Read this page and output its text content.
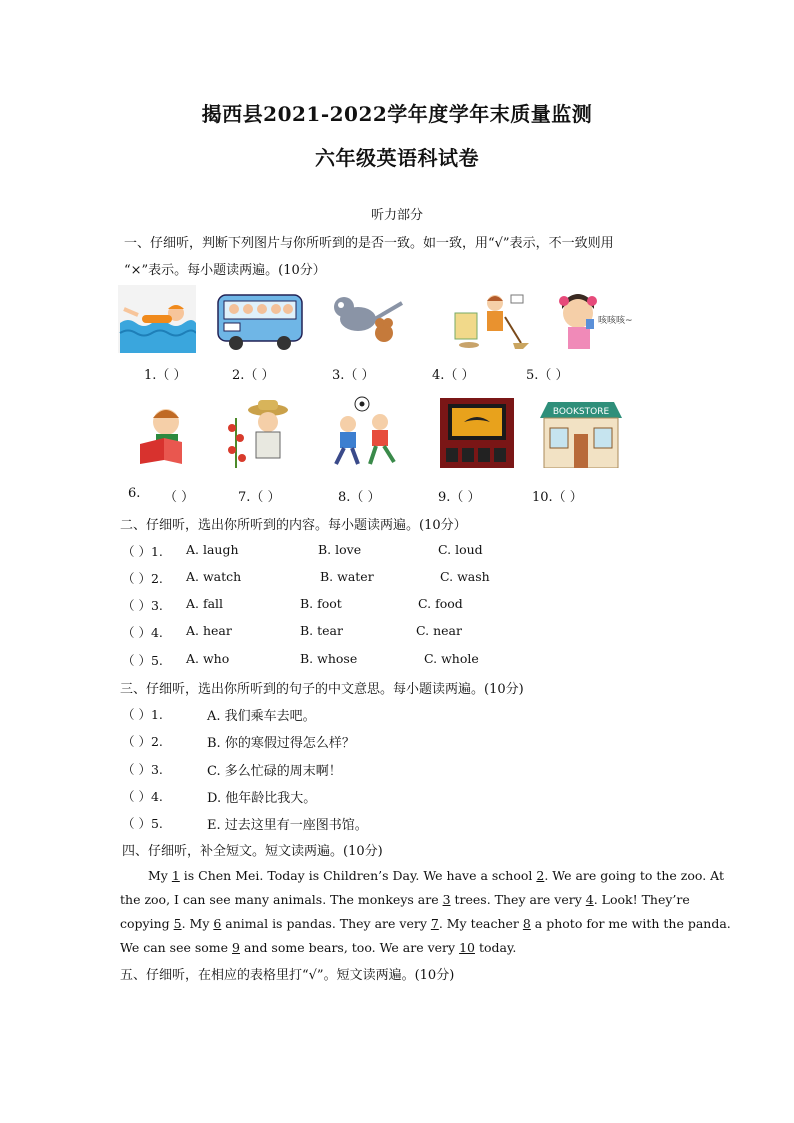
揭西县2021-2022学年度学年末质量监测
六年级英语科试卷
听力部分
一、仔细听，判断下列图片与你所听到的是否一致。如一致，用“√”表示，不一致则用
“×”表示。每小题读两遍。(10分）
咳咳咳~
1.（ ）	2.（ ）	3.（ ）	4.（ ）	5.（ ）
BOOKSTORE
6. （ ）	7.（ ）	8.（ ）	9.（ ）	10.（ ）
二、仔细听，选出你所听到的内容。每小题读两遍。(10分）
（ ）1. A. laugh	B. love	C. loud
（ ）2. A. watch	B. water	C. wash
（ ）3. A. fall	B. foot	C. food
（ ）4. A. hear	B. tear	C. near
（ ）5. A. who	B. whose	C. whole
三、仔细听，选出你所听到的句子的中文意思。每小题读两遍。(10分)
（ ）1.	A. 我们乘车去吧。
（ ）2.	B. 你的寒假过得怎么样？
（ ）3.	C. 多么忙碌的周末啊！
（ ）4.	D. 他年龄比我大。
（ ）5.	E. 过去这里有一座图书馆。
四、仔细听，补全短文。短文读两遍。(10分)
My 1 is Chen Mei. Today is Children’s Day. We have a school 2. We are going to the zoo. At
the zoo, I can see many animals. The monkeys are 3 trees. They are very 4. Look! They’re
copying 5. My 6 animal is pandas. They are very 7. My teacher 8 a photo for me with the panda.
We can see some 9 and some bears, too. We are very 10 today.
五、仔细听，在相应的表格里打“√”。短文读两遍。(10分)
